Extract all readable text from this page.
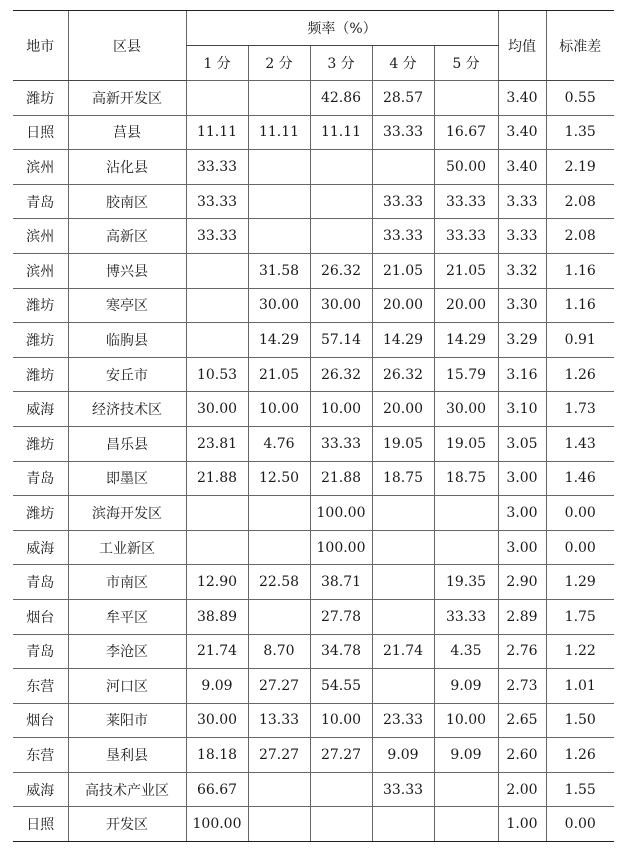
地市	区县	频率（%）					均值	标准差
		1 分	2 分	3 分	4 分	5 分		
潍坊	高新开发区			42.86	28.57		3.40	0.55
日照	莒县	11.11	11.11	11.11	33.33	16.67	3.40	1.35
滨州	沾化县	33.33				50.00	3.40	2.19
青岛	胶南区	33.33			33.33	33.33	3.33	2.08
滨州	高新区	33.33			33.33	33.33	3.33	2.08
滨州	博兴县		31.58	26.32	21.05	21.05	3.32	1.16
潍坊	寒亭区		30.00	30.00	20.00	20.00	3.30	1.16
潍坊	临朐县		14.29	57.14	14.29	14.29	3.29	0.91
潍坊	安丘市	10.53	21.05	26.32	26.32	15.79	3.16	1.26
威海	经济技术区	30.00	10.00	10.00	20.00	30.00	3.10	1.73
潍坊	昌乐县	23.81	4.76	33.33	19.05	19.05	3.05	1.43
青岛	即墨区	21.88	12.50	21.88	18.75	18.75	3.00	1.46
潍坊	滨海开发区			100.00			3.00	0.00
威海	工业新区			100.00			3.00	0.00
青岛	市南区	12.90	22.58	38.71		19.35	2.90	1.29
烟台	牟平区	38.89		27.78		33.33	2.89	1.75
青岛	李沧区	21.74	8.70	34.78	21.74	4.35	2.76	1.22
东营	河口区	9.09	27.27	54.55		9.09	2.73	1.01
烟台	莱阳市	30.00	13.33	10.00	23.33	10.00	2.65	1.50
东营	垦利县	18.18	27.27	27.27	9.09	9.09	2.60	1.26
威海	高技术产业区	66.67			33.33		2.00	1.55
日照	开发区	100.00					1.00	0.00
